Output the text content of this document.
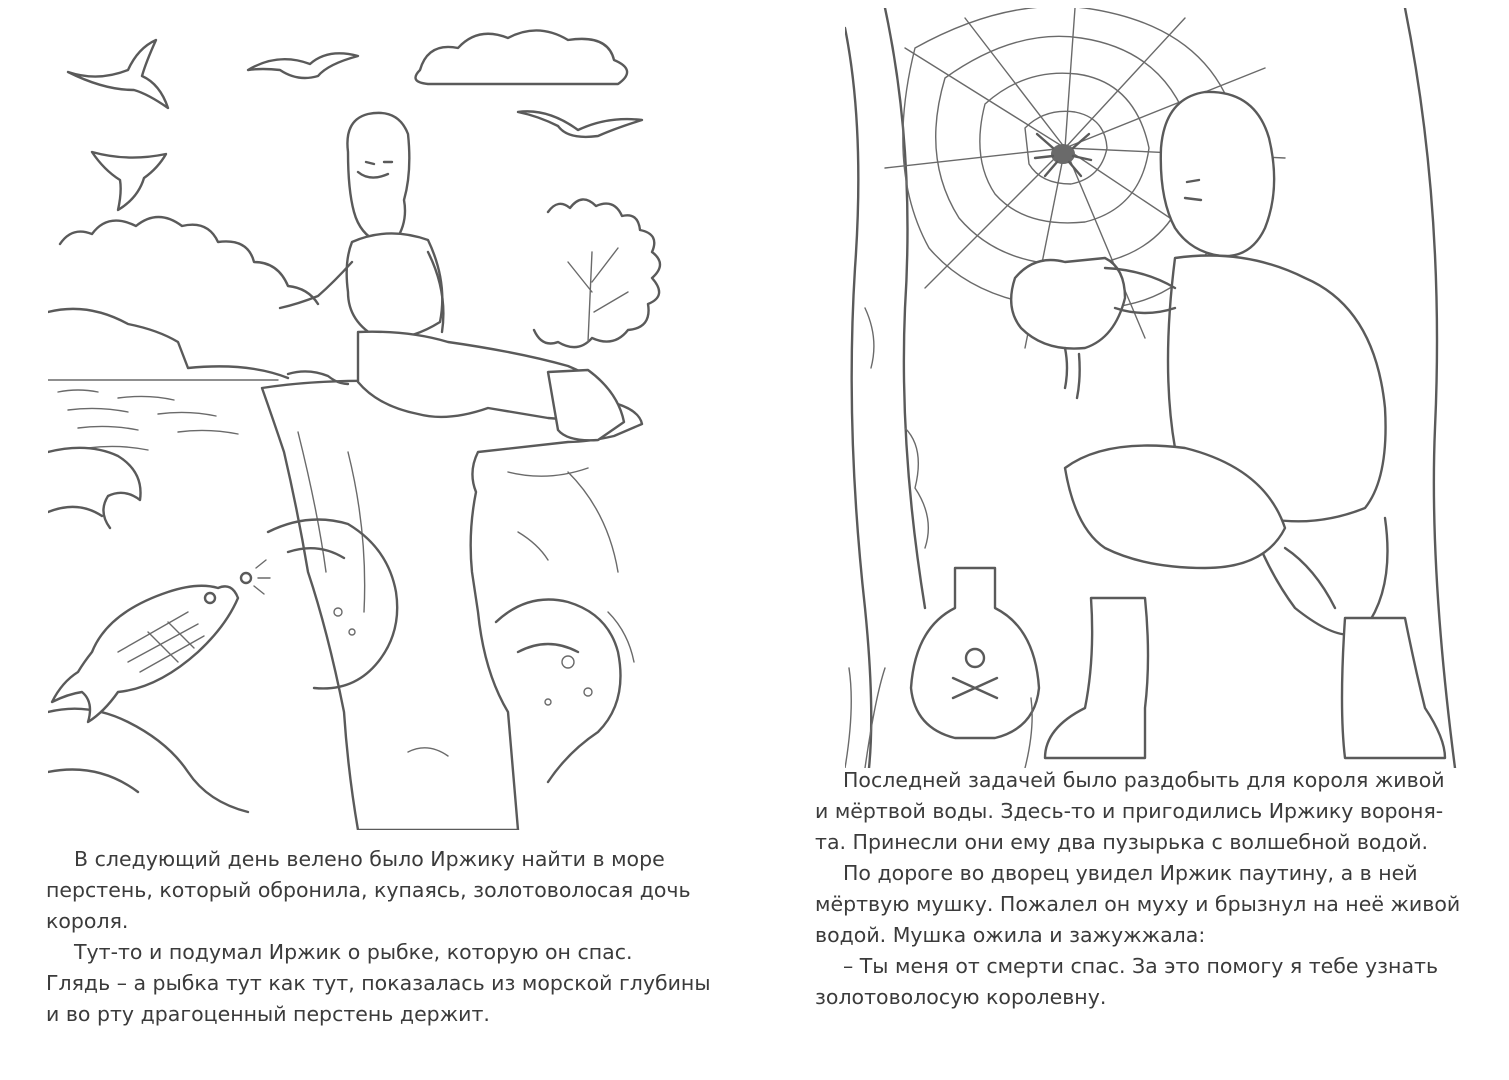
В следующий день велено было Иржику найти в море
перстень, который обронила, купаясь, золотоволосая дочь
короля.

Тут-то и подумал Иржик о рыбке, которую он спас.
Глядь – а рыбка тут как тут, показалась из морской глубины
и во рту драгоценный перстень держит.

Последней задачей было раздобыть для короля живой
и мёртвой воды. Здесь-то и пригодились Иржику вороня-
та. Принесли они ему два пузырька с волшебной водой.

По дороге во дворец увидел Иржик паутину, а в ней
мёртвую мушку. Пожалел он муху и брызнул на неё живой
водой. Мушка ожила и зажужжала:

– Ты меня от смерти спас. За это помогу я тебе узнать
золотоволосую королевну.
